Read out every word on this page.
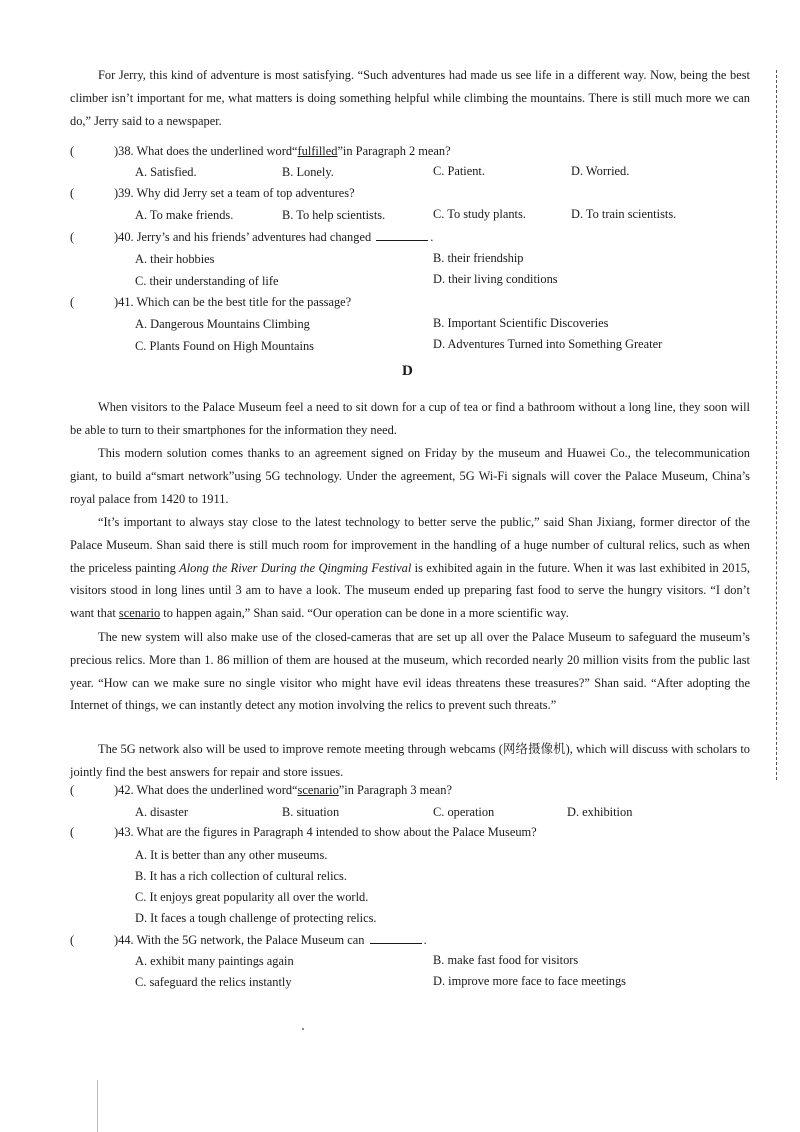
For Jerry, this kind of adventure is most satisfying. “Such adventures had made us see life in a different way. Now, being the best climber isn’t important for me, what matters is doing something helpful while climbing the mountains. There is still much more we can do,” Jerry said to a newspaper.

(	)38. What does the underlined word“fulfilled”in Paragraph 2 mean?
A. Satisfied.	B. Lonely.	C. Patient.	D. Worried.
(	)39. Why did Jerry set a team of top adventures?
A. To make friends.	B. To help scientists.	C. To study plants.	D. To train scientists.
(	)40. Jerry’s and his friends’ adventures had changed	.
A. their hobbies	B. their friendship
C. their understanding of life	D. their living conditions
(	)41. Which can be the best title for the passage?
A. Dangerous Mountains Climbing	B. Important Scientific Discoveries
C. Plants Found on High Mountains	D. Adventures Turned into Something Greater
D

When visitors to the Palace Museum feel a need to sit down for a cup of tea or find a bathroom without a long line, they soon will be able to turn to their smartphones for the information they need.

This modern solution comes thanks to an agreement signed on Friday by the museum and Huawei Co., the telecommunication giant, to build a“smart network”using 5G technology. Under the agreement, 5G Wi-Fi signals will cover the Palace Museum, China’s royal palace from 1420 to 1911.

“It’s important to always stay close to the latest technology to better serve the public,” said Shan Jixiang, former director of the Palace Museum. Shan said there is still much room for improvement in the handling of a huge number of cultural relics, such as when the priceless painting Along the River During the Qingming Festival is exhibited again in the future. When it was last exhibited in 2015, visitors stood in long lines until 3 am to have a look. The museum ended up preparing fast food to serve the hungry visitors. “I don’t want that scenario to happen again,” Shan said. “Our operation can be done in a more scientific way.

The new system will also make use of the closed-cameras that are set up all over the Palace Museum to safeguard the museum’s precious relics. More than 1. 86 million of them are housed at the museum, which recorded nearly 20 million visits from the public last year. “How can we make sure no single visitor who might have evil ideas threatens these treasures?” Shan said. “After adopting the Internet of things, we can instantly detect any motion involving the relics to prevent such threats.”

The 5G network also will be used to improve remote meeting through webcams (网络摄像机), which will discuss with scholars to jointly find the best answers for repair and store issues.

(	)42. What does the underlined word“scenario”in Paragraph 3 mean?
A. disaster	B. situation	C. operation	D. exhibition
(	)43. What are the figures in Paragraph 4 intended to show about the Palace Museum?
A. It is better than any other museums.
B. It has a rich collection of cultural relics.
C. It enjoys great popularity all over the world.
D. It faces a tough challenge of protecting relics.
(	)44. With the 5G network, the Palace Museum can	.
A. exhibit many paintings again	B. make fast food for visitors
C. safeguard the relics instantly	D. improve more face to face meetings
